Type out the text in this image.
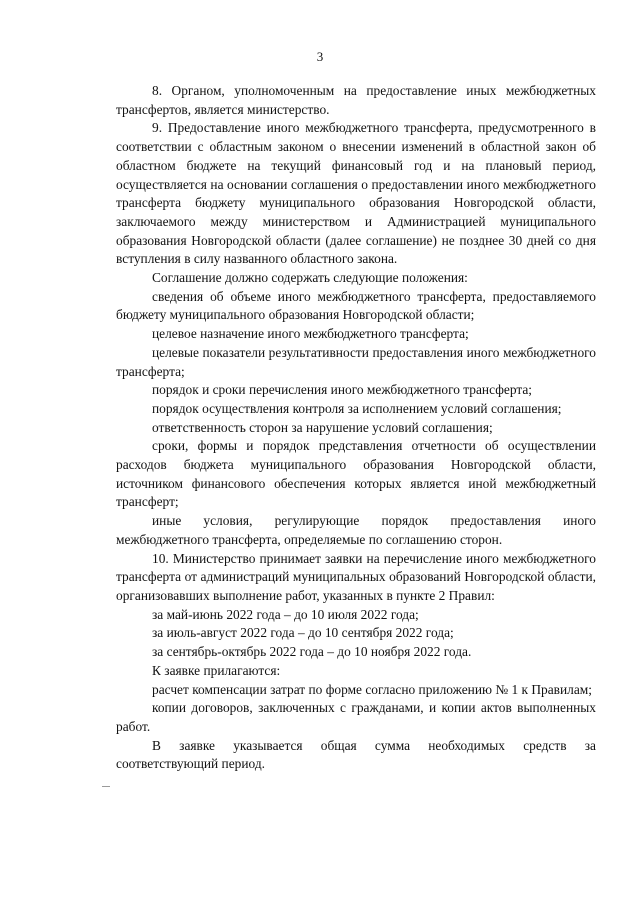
3

8. Органом, уполномоченным на предоставление иных межбюджетных трансфертов, является министерство.

9. Предоставление иного межбюджетного трансферта, предусмотренного в соответствии с областным законом о внесении изменений в областной закон об областном бюджете на текущий финансовый год и на плановый период, осуществляется на основании соглашения о предоставлении иного межбюджетного трансферта бюджету муниципального образования Новгородской области, заключаемого между министерством и Администрацией муниципального образования Новгородской области (далее соглашение) не позднее 30 дней со дня вступления в силу названного областного закона.

Соглашение должно содержать следующие положения:

сведения об объеме иного межбюджетного трансферта, предоставляемого бюджету муниципального образования Новгородской области;

целевое назначение иного межбюджетного трансферта;

целевые показатели результативности предоставления иного межбюджетного трансферта;

порядок и сроки перечисления иного межбюджетного трансферта;

порядок осуществления контроля за исполнением условий соглашения;

ответственность сторон за нарушение условий соглашения;

сроки, формы и порядок представления отчетности об осуществлении расходов бюджета муниципального образования Новгородской области, источником финансового обеспечения которых является иной межбюджетный трансферт;

иные условия, регулирующие порядок предоставления иного межбюджетного трансферта, определяемые по соглашению сторон.

10. Министерство принимает заявки на перечисление иного межбюджетного трансферта от администраций муниципальных образований Новгородской области, организовавших выполнение работ, указанных в пункте 2 Правил:

за май-июнь 2022 года – до 10 июля 2022 года;

за июль-август 2022 года – до 10 сентября 2022 года;

за сентябрь-октябрь 2022 года – до 10 ноября 2022 года.

К заявке прилагаются:

расчет компенсации затрат по форме согласно приложению № 1 к Правилам;

копии договоров, заключенных с гражданами, и копии актов выполненных работ.

В заявке указывается общая сумма необходимых средств за соответствующий период.
